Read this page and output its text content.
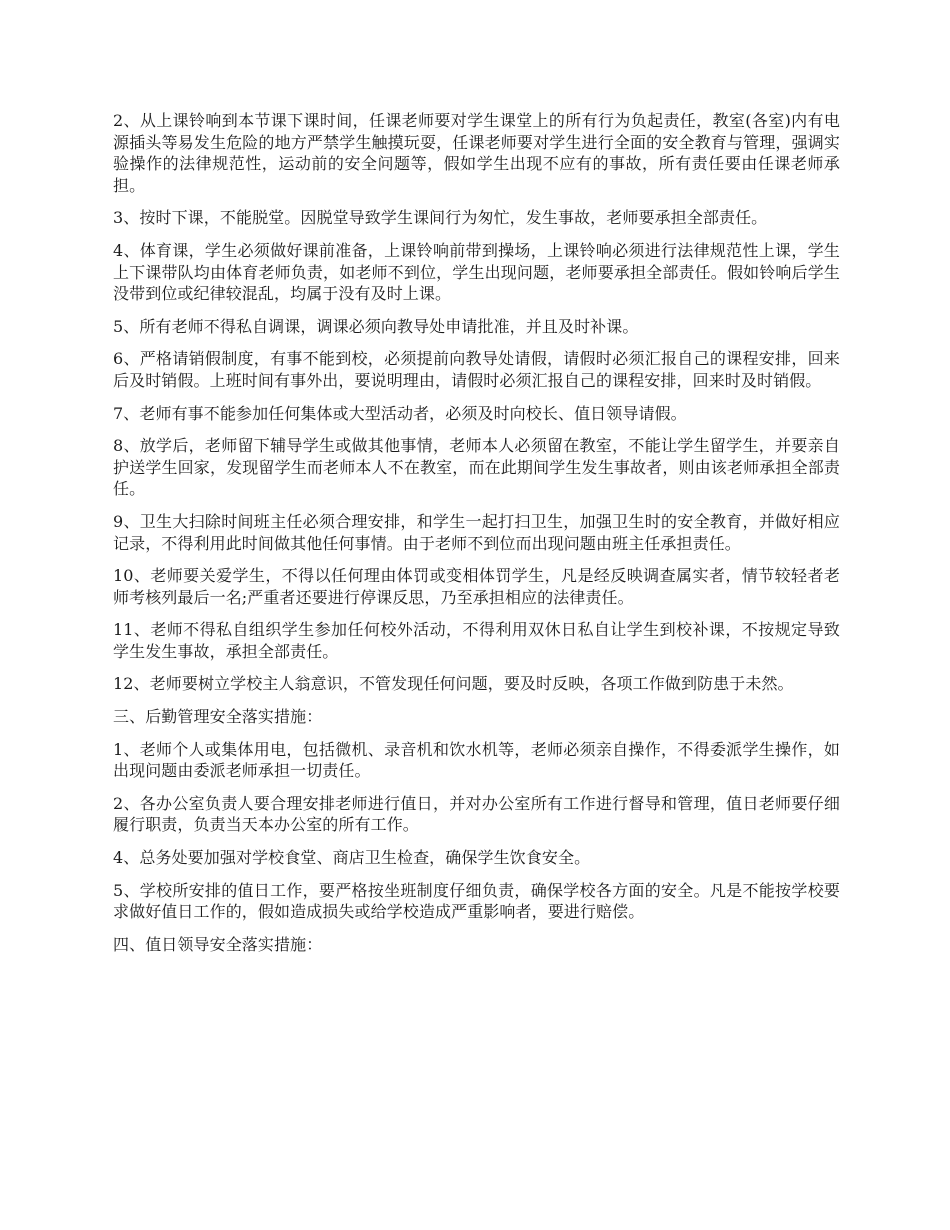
2、从上课铃响到本节课下课时间，任课老师要对学生课堂上的所有行为负起责任，教室(各室)内有电源插头等易发生危险的地方严禁学生触摸玩耍，任课老师要对学生进行全面的安全教育与管理，强调实验操作的法律规范性，运动前的安全问题等，假如学生出现不应有的事故，所有责任要由任课老师承担。

3、按时下课，不能脱堂。因脱堂导致学生课间行为匆忙，发生事故，老师要承担全部责任。

4、体育课，学生必须做好课前准备，上课铃响前带到操场，上课铃响必须进行法律规范性上课，学生上下课带队均由体育老师负责，如老师不到位，学生出现问题，老师要承担全部责任。假如铃响后学生没带到位或纪律较混乱，均属于没有及时上课。

5、所有老师不得私自调课，调课必须向教导处申请批准，并且及时补课。

6、严格请销假制度，有事不能到校，必须提前向教导处请假，请假时必须汇报自己的课程安排，回来后及时销假。上班时间有事外出，要说明理由，请假时必须汇报自己的课程安排，回来时及时销假。

7、老师有事不能参加任何集体或大型活动者，必须及时向校长、值日领导请假。

8、放学后，老师留下辅导学生或做其他事情，老师本人必须留在教室，不能让学生留学生，并要亲自护送学生回家，发现留学生而老师本人不在教室，而在此期间学生发生事故者，则由该老师承担全部责任。

9、卫生大扫除时间班主任必须合理安排，和学生一起打扫卫生，加强卫生时的安全教育，并做好相应记录，不得利用此时间做其他任何事情。由于老师不到位而出现问题由班主任承担责任。

10、老师要关爱学生，不得以任何理由体罚或变相体罚学生，凡是经反映调查属实者，情节较轻者老师考核列最后一名;严重者还要进行停课反思，乃至承担相应的法律责任。

11、老师不得私自组织学生参加任何校外活动，不得利用双休日私自让学生到校补课，不按规定导致学生发生事故，承担全部责任。

12、老师要树立学校主人翁意识，不管发现任何问题，要及时反映，各项工作做到防患于未然。

三、后勤管理安全落实措施：

1、老师个人或集体用电，包括微机、录音机和饮水机等，老师必须亲自操作，不得委派学生操作，如出现问题由委派老师承担一切责任。

2、各办公室负责人要合理安排老师进行值日，并对办公室所有工作进行督导和管理，值日老师要仔细履行职责，负责当天本办公室的所有工作。

4、总务处要加强对学校食堂、商店卫生检查，确保学生饮食安全。

5、学校所安排的值日工作，要严格按坐班制度仔细负责，确保学校各方面的安全。凡是不能按学校要求做好值日工作的，假如造成损失或给学校造成严重影响者，要进行赔偿。

四、值日领导安全落实措施：
